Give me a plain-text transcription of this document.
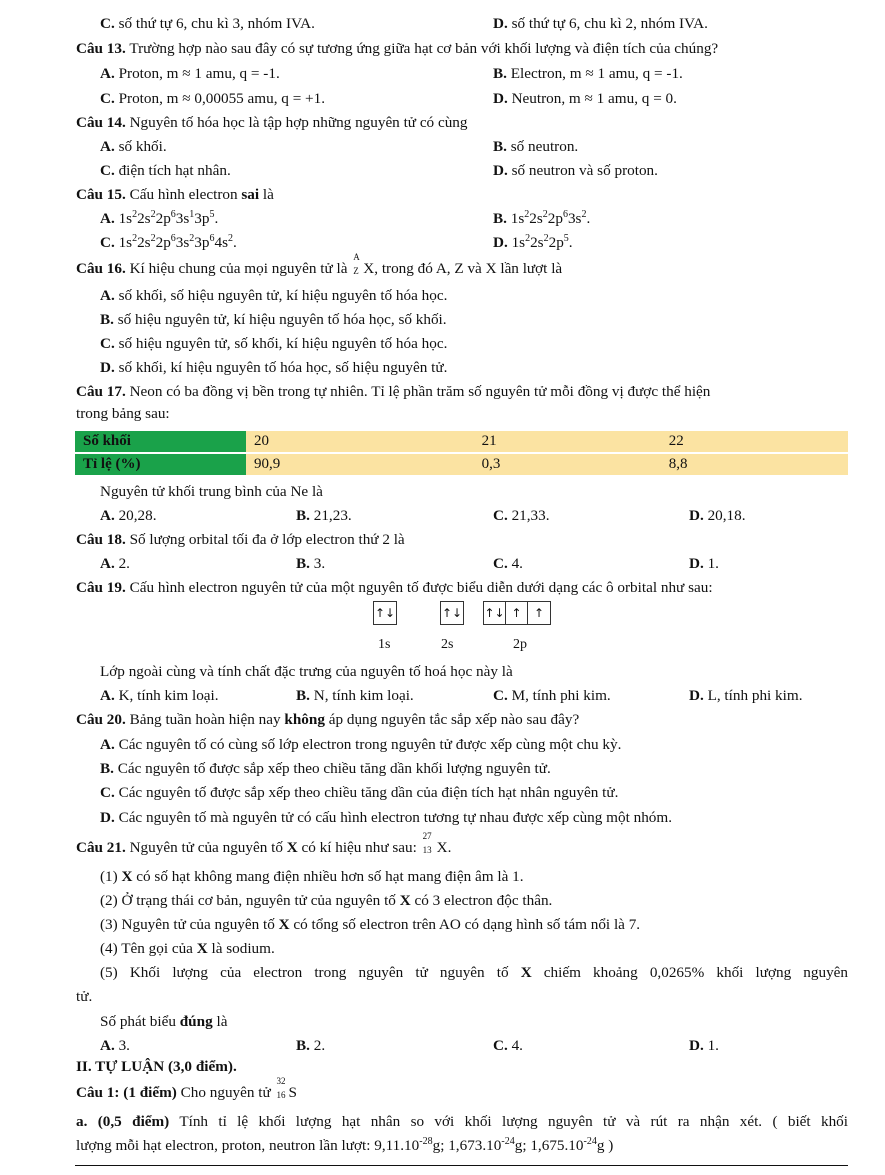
C. số thứ tự 6, chu kì 3, nhóm IVA.	D. số thứ tự 6, chu kì 2, nhóm IVA.
Câu 13. Trường hợp nào sau đây có sự tương ứng giữa hạt cơ bản với khối lượng và điện tích của chúng?
A. Proton, m ≈ 1 amu, q = -1.	B. Electron, m ≈ 1 amu, q = -1.
C. Proton, m ≈ 0,00055 amu, q = +1.	D. Neutron, m ≈ 1 amu, q = 0.
Câu 14. Nguyên tố hóa học là tập hợp những nguyên tử có cùng
A. số khối.	B. số neutron.
C. điện tích hạt nhân.	D. số neutron và số proton.
Câu 15. Cấu hình electron sai là
A. $1s^22s^22p^63s^13p^5$.	B. $1s^22s^22p^63s^2$.
C. $1s^22s^22p^63s^23p^64s^2$.	D. $1s^22s^22p^5$.
Câu 16. Kí hiệu chung của mọi nguyên tử là
A
Z X, trong đó A, Z và X lần lượt là
A. số khối, số hiệu nguyên tử, kí hiệu nguyên tố hóa học.
B. số hiệu nguyên tử, kí hiệu nguyên tố hóa học, số khối.
C. số hiệu nguyên tử, số khối, kí hiệu nguyên tố hóa học.
D. số khối, kí hiệu nguyên tố hóa học, số hiệu nguyên tử.
Câu 17. Neon có ba đồng vị bền trong tự nhiên. Tỉ lệ phần trăm số nguyên tử mỗi đồng vị được thể hiện
trong bảng sau:
Số khối	20	21	22
Tỉ lệ (%)	90,9	0,3	8,8
Nguyên tử khối trung bình của Ne là
A. 20,28.	B. 21,23.	C. 21,33.	D. 20,18.
Câu 18. Số lượng orbital tối đa ở lớp electron thứ 2 là
A. 2.	B. 3.	C. 4.	D. 1.
Câu 19. Cấu hình electron nguyên tử của một nguyên tố được biểu diễn dưới dạng các ô orbital như sau:
↑↓	↑↓ ↑↓ ↑	↑
1s	2s	2p
Lớp ngoài cùng và tính chất đặc trưng của nguyên tố hoá học này là
A. K, tính kim loại.	B. N, tính kim loại.	C. M, tính phi kim.	D. L, tính phi kim.
Câu 20. Bảng tuần hoàn hiện nay không áp dụng nguyên tắc sắp xếp nào sau đây?
A. Các nguyên tố có cùng số lớp electron trong nguyên tử được xếp cùng một chu kỳ.
B. Các nguyên tố được sắp xếp theo chiều tăng dần khối lượng nguyên tử.
C. Các nguyên tố được sắp xếp theo chiều tăng dần của điện tích hạt nhân nguyên tử.
D. Các nguyên tố mà nguyên tử có cấu hình electron tương tự nhau được xếp cùng một nhóm.
Câu 21. Nguyên tử của nguyên tố X có kí hiệu như sau:
27
13 X.
(1) X có số hạt không mang điện nhiều hơn số hạt mang điện âm là 1.
(2) Ở trạng thái cơ bản, nguyên tử của nguyên tố X có 3 electron độc thân.
(3) Nguyên tử của nguyên tố X có tổng số electron trên AO có dạng hình số tám nổi là 7.
(4) Tên gọi của X là sodium.
(5) Khối lượng của electron trong nguyên tử nguyên tố X chiếm khoảng 0,0265% khối lượng nguyên
tử.
Số phát biểu đúng là
A. 3.	B. 2.	C. 4.	D. 1.
II. TỰ LUẬN (3,0 điểm).
Câu 1: (1 điểm) Cho nguyên tử
32
16 S
a. (0,5 điểm) Tính tỉ lệ khối lượng hạt nhân so với khối lượng nguyên tử và rút ra nhận xét. ( biết khối
lượng mỗi hạt electron, proton, neutron lần lượt: $9,11.10^{-28}g$; $1,673.10^{-24}g$; $1,675.10^{-24}g$ )
